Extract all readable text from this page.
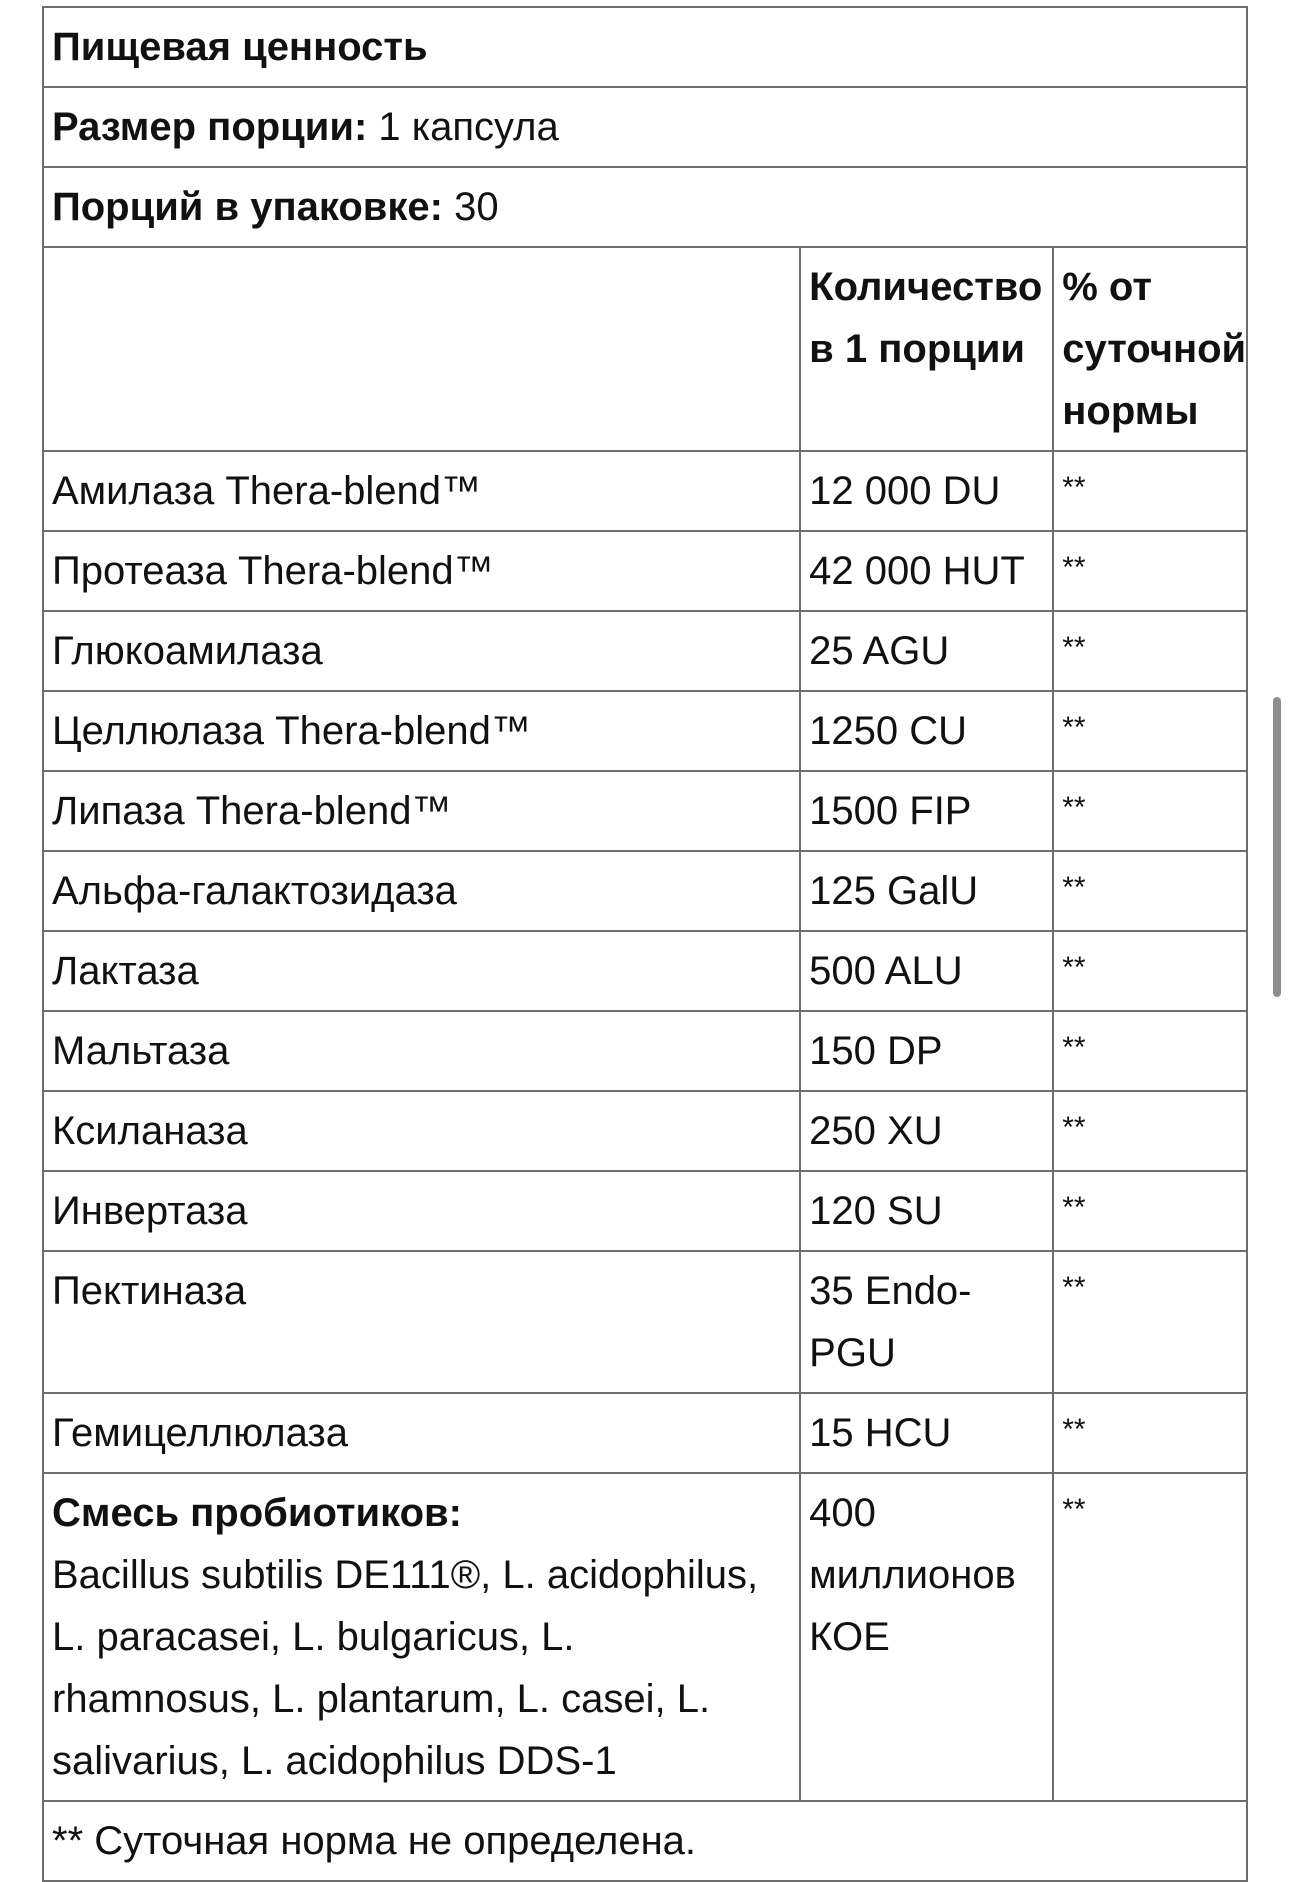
Пищевая ценность		
Размер порции: 1 капсула		
Порций в упаковке: 30		
	Количество в 1 порции	% от суточной нормы
Амилаза Thera-blend™	12 000 DU	**
Протеаза Thera-blend™	42 000 HUT	**
Глюкоамилаза	25 AGU	**
Целлюлаза Thera-blend™	1250 CU	**
Липаза Thera-blend™	1500 FIP	**
Альфа-галактозидаза	125 GalU	**
Лактаза	500 ALU	**
Мальтаза	150 DP	**
Ксиланаза	250 XU	**
Инвертаза	120 SU	**
Пектиназа	35 Endo-PGU	**
Гемицеллюлаза	15 HCU	**

Смесь пробиотиков:
Bacillus subtilis DE111®, L. acidophilus, L. paracasei, L. bulgaricus, L. rhamnosus, L. plantarum, L. casei, L. salivarius, L. acidophilus DDS-1	400 миллионов КОЕ	**
** Суточная норма не определена.		
